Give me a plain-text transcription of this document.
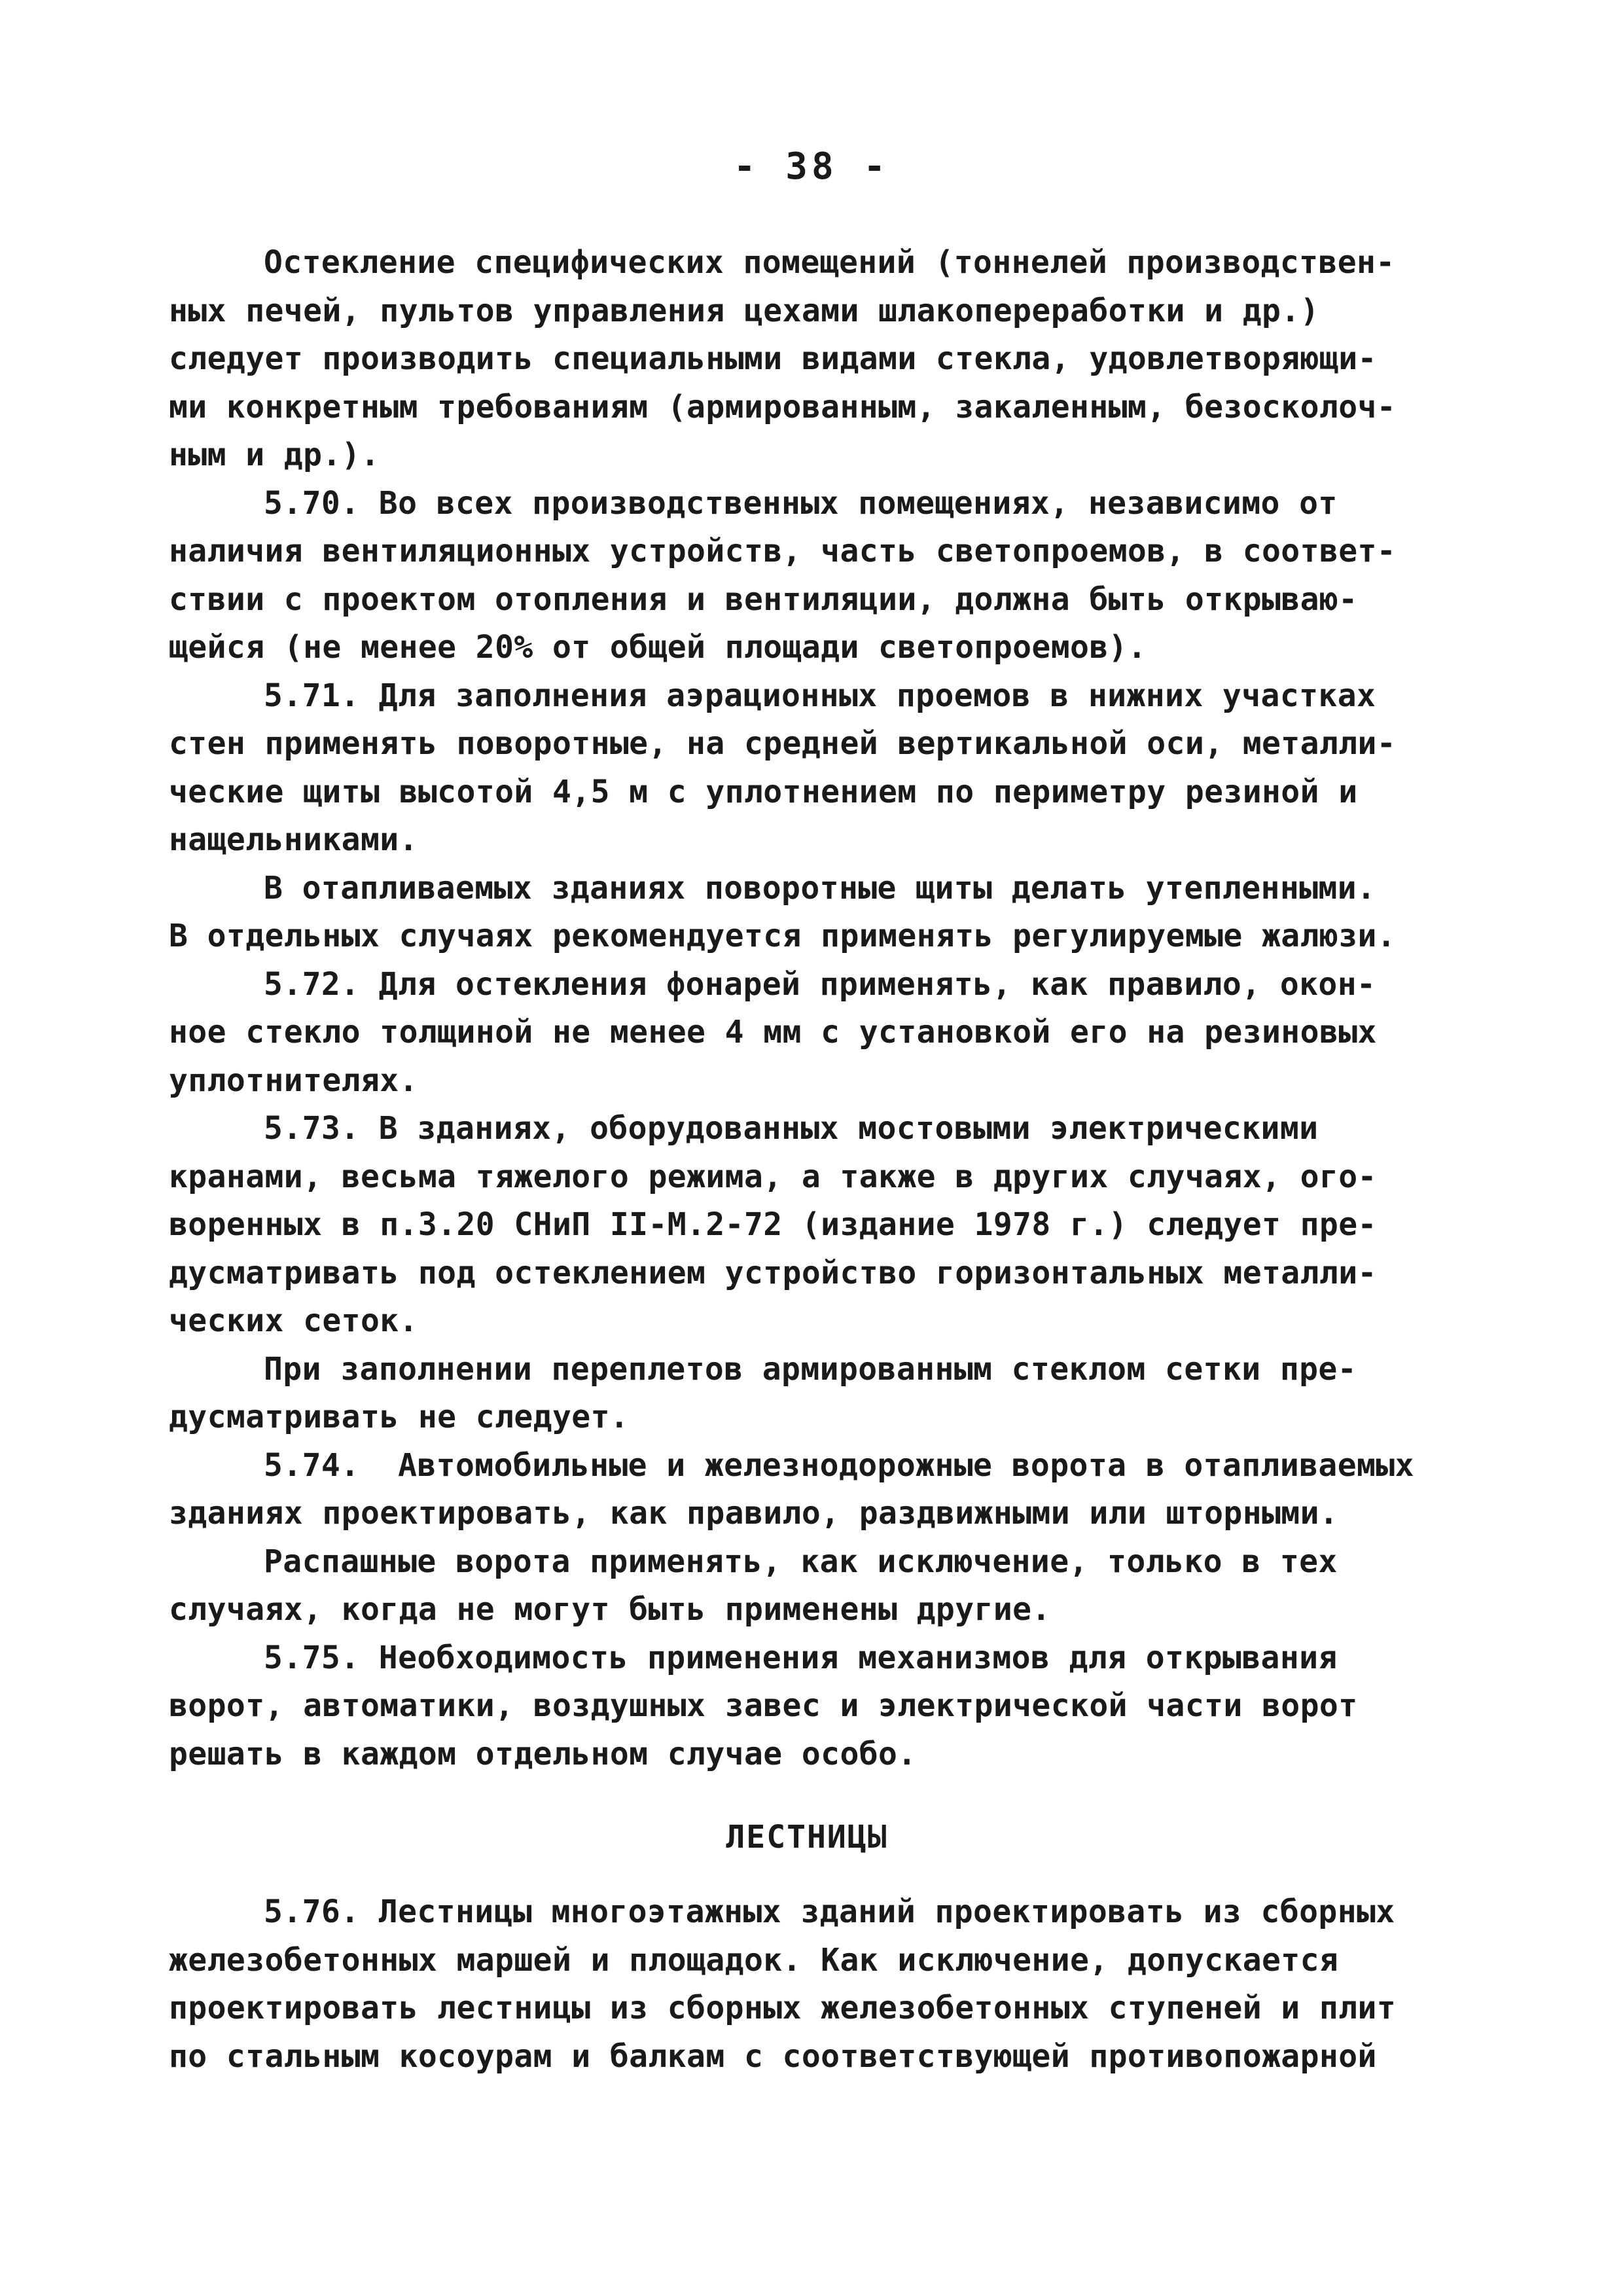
- 38 -
Остекление специфических помещений (тоннелей производствен-
ных печей, пультов управления цехами шлакопереработки и др.)
следует производить специальными видами стекла, удовлетворяющи-
ми конкретным требованиям (армированным, закаленным, безосколоч-
ным и др.).
5.70. Во всех производственных помещениях, независимо от
наличия вентиляционных устройств, часть светопроемов, в соответ-
ствии с проектом отопления и вентиляции, должна быть открываю-
щейся (не менее 20% от общей площади светопроемов).
5.71. Для заполнения аэрационных проемов в нижних участках
стен применять поворотные, на средней вертикальной оси, металли-
ческие щиты высотой 4,5 м с уплотнением по периметру резиной и
нащельниками.
В отапливаемых зданиях поворотные щиты делать утепленными.
В отдельных случаях рекомендуется применять регулируемые жалюзи.
5.72. Для остекления фонарей применять, как правило, окон-
ное стекло толщиной не менее 4 мм с установкой его на резиновых
уплотнителях.
5.73. В зданиях, оборудованных мостовыми электрическими
кранами, весьма тяжелого режима, а также в других случаях, ого-
воренных в п.3.20 СНиП II-М.2-72 (издание 1978 г.) следует пре-
дусматривать под остеклением устройство горизонтальных металли-
ческих сеток.
При заполнении переплетов армированным стеклом сетки пре-
дусматривать не следует.
5.74.  Автомобильные и железнодорожные ворота в отапливаемых
зданиях проектировать, как правило, раздвижными или шторными.
Распашные ворота применять, как исключение, только в тех
случаях, когда не могут быть применены другие.
5.75. Необходимость применения механизмов для открывания
ворот, автоматики, воздушных завес и электрической части ворот
решать в каждом отдельном случае особо.
ЛЕСТНИЦЫ
5.76. Лестницы многоэтажных зданий проектировать из сборных
железобетонных маршей и площадок. Как исключение, допускается
проектировать лестницы из сборных железобетонных ступеней и плит
по стальным косоурам и балкам с соответствующей противопожарной
